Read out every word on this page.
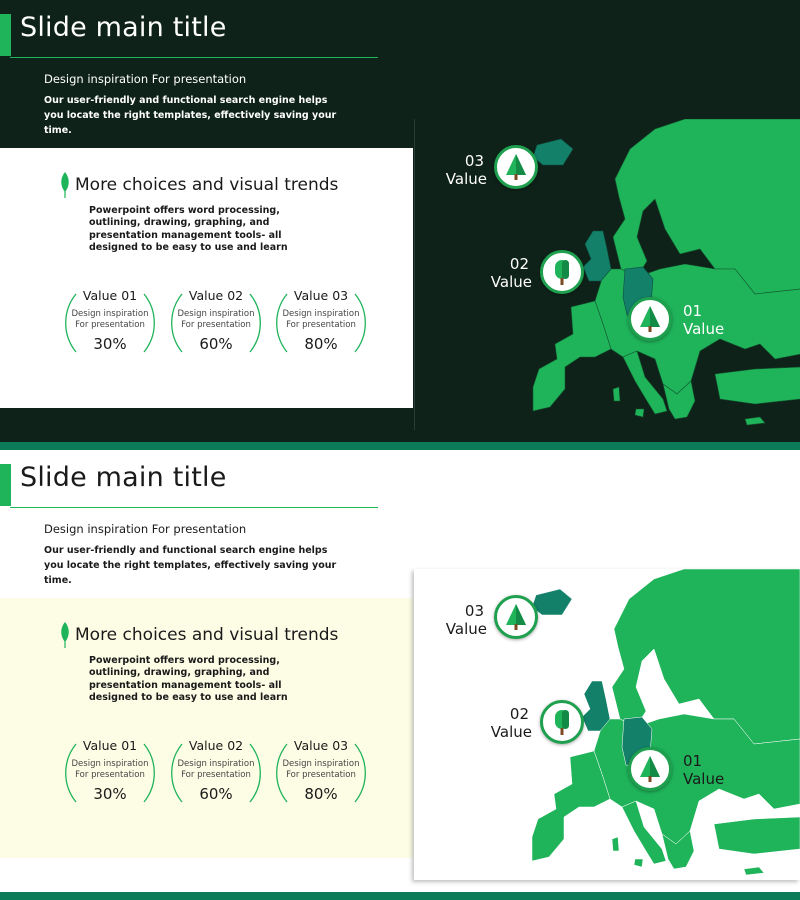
Slide main title
Design inspiration For presentation
Our user-friendly and functional search engine helps you locate the right templates, effectively saving your time.
More choices and visual trends
Powerpoint offers word processing, outlining, drawing, graphing, and presentation management tools- all designed to be easy to use and learn
Value 01
Design inspiration For presentation
30%
Value 02
Design inspiration For presentation
60%
Value 03
Design inspiration For presentation
80%
03
Value
02
Value
01
Value
Slide main title
Design inspiration For presentation
Our user-friendly and functional search engine helps you locate the right templates, effectively saving your time.
More choices and visual trends
Powerpoint offers word processing, outlining, drawing, graphing, and presentation management tools- all designed to be easy to use and learn
Value 01
Design inspiration For presentation
30%
Value 02
Design inspiration For presentation
60%
Value 03
Design inspiration For presentation
80%
03
Value
02
Value
01
Value
